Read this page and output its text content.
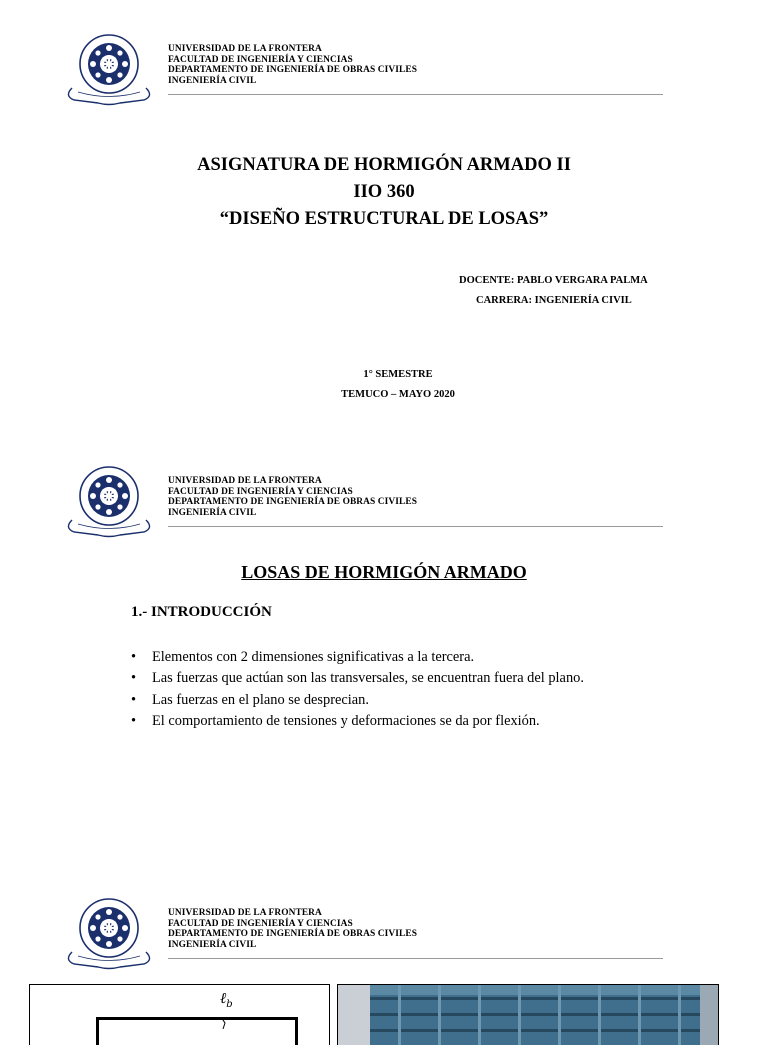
UNIVERSIDAD DE LA FRONTERA
FACULTAD DE INGENIERÍA Y CIENCIAS
DEPARTAMENTO DE INGENIERÍA DE OBRAS CIVILES
INGENIERÍA CIVIL
ASIGNATURA DE HORMIGÓN ARMADO II
IIO 360
“DISEÑO ESTRUCTURAL DE LOSAS”
DOCENTE: PABLO VERGARA PALMA
CARRERA: INGENIERÍA CIVIL
1° SEMESTRE
TEMUCO – MAYO 2020
UNIVERSIDAD DE LA FRONTERA
FACULTAD DE INGENIERÍA Y CIENCIAS
DEPARTAMENTO DE INGENIERÍA DE OBRAS CIVILES
INGENIERÍA CIVIL
LOSAS DE HORMIGÓN ARMADO
1.- INTRODUCCIÓN
• Elementos con 2 dimensiones significativas a la tercera.
• Las fuerzas que actúan son las transversales, se encuentran fuera del plano.
• Las fuerzas en el plano se desprecian.
• El comportamiento de tensiones y deformaciones se da por flexión.
UNIVERSIDAD DE LA FRONTERA
FACULTAD DE INGENIERÍA Y CIENCIAS
DEPARTAMENTO DE INGENIERÍA DE OBRAS CIVILES
INGENIERÍA CIVIL
ℓ$_b$
